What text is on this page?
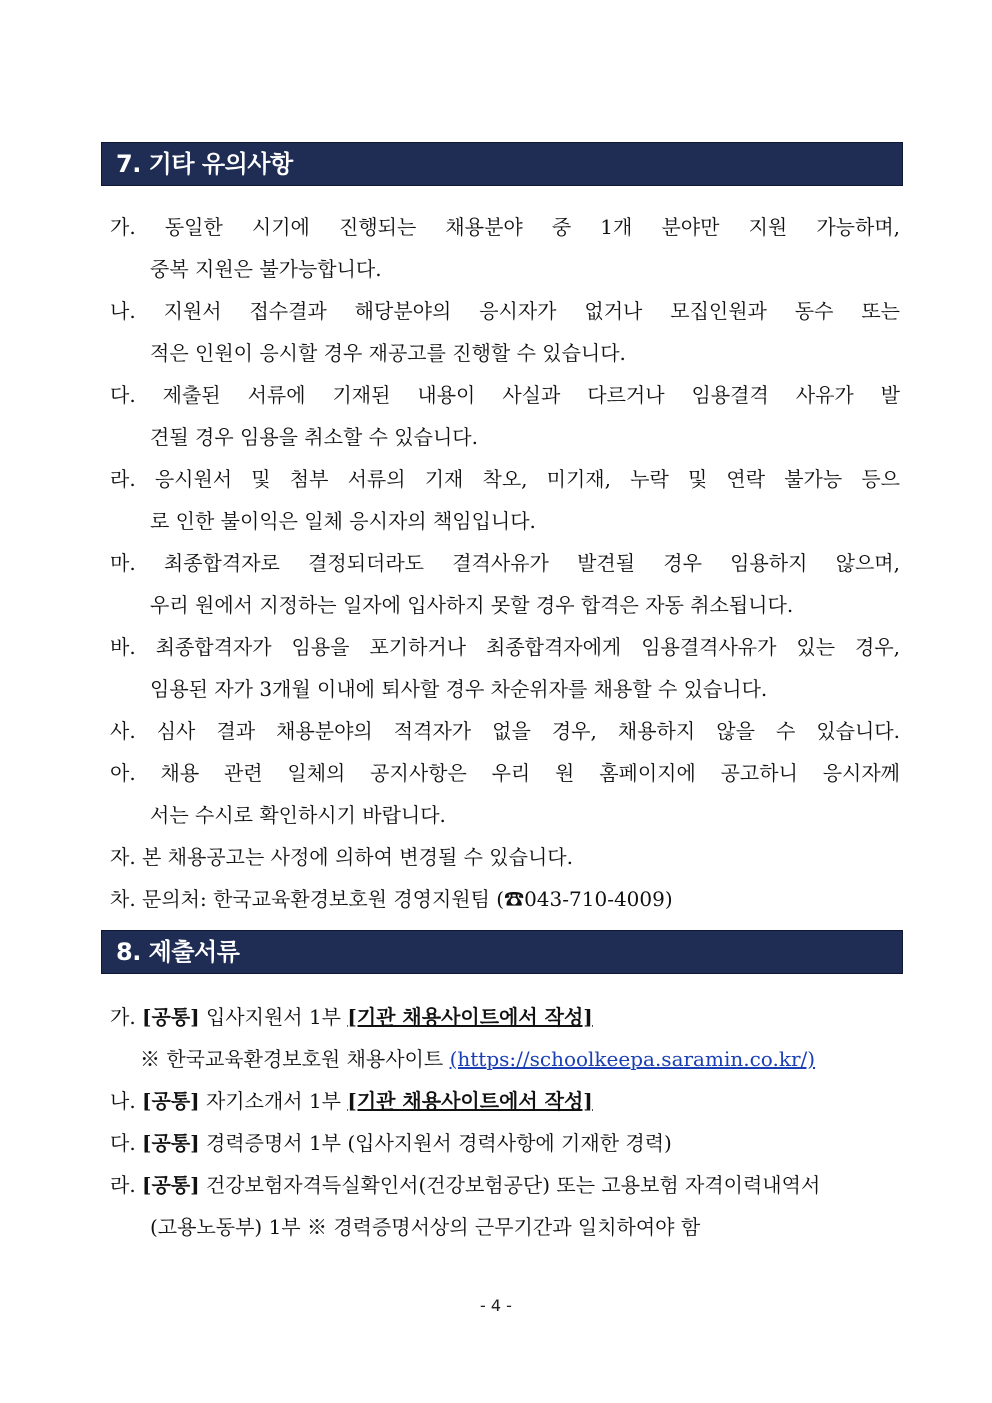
7. 기타 유의사항
가. 동일한 시기에 진행되는 채용분야 중 1개 분야만 지원 가능하며,
중복 지원은 불가능합니다.
나. 지원서 접수결과 해당분야의 응시자가 없거나 모집인원과 동수 또는
적은 인원이 응시할 경우 재공고를 진행할 수 있습니다.
다. 제출된 서류에 기재된 내용이 사실과 다르거나 임용결격 사유가 발
견될 경우 임용을 취소할 수 있습니다.
라. 응시원서 및 첨부 서류의 기재 착오, 미기재, 누락 및 연락 불가능 등으
로 인한 불이익은 일체 응시자의 책임입니다.
마. 최종합격자로 결정되더라도 결격사유가 발견될 경우 임용하지 않으며,
우리 원에서 지정하는 일자에 입사하지 못할 경우 합격은 자동 취소됩니다.
바. 최종합격자가 임용을 포기하거나 최종합격자에게 임용결격사유가 있는 경우,
임용된 자가 3개월 이내에 퇴사할 경우 차순위자를 채용할 수 있습니다.
사. 심사 결과 채용분야의 적격자가 없을 경우, 채용하지 않을 수 있습니다.
아. 채용 관련 일체의 공지사항은 우리 원 홈페이지에 공고하니 응시자께
서는 수시로 확인하시기 바랍니다.
자. 본 채용공고는 사정에 의하여 변경될 수 있습니다.
차. 문의처: 한국교육환경보호원 경영지원팀 (☎043-710-4009)
8. 제출서류
가. [공통] 입사지원서 1부 [기관 채용사이트에서 작성]
※ 한국교육환경보호원 채용사이트 (https://schoolkeepa.saramin.co.kr/)
나. [공통] 자기소개서 1부 [기관 채용사이트에서 작성]
다. [공통] 경력증명서 1부 (입사지원서 경력사항에 기재한 경력)
라. [공통] 건강보험자격득실확인서(건강보험공단) 또는 고용보험 자격이력내역서
(고용노동부) 1부 ※ 경력증명서상의 근무기간과 일치하여야 함
- 4 -
